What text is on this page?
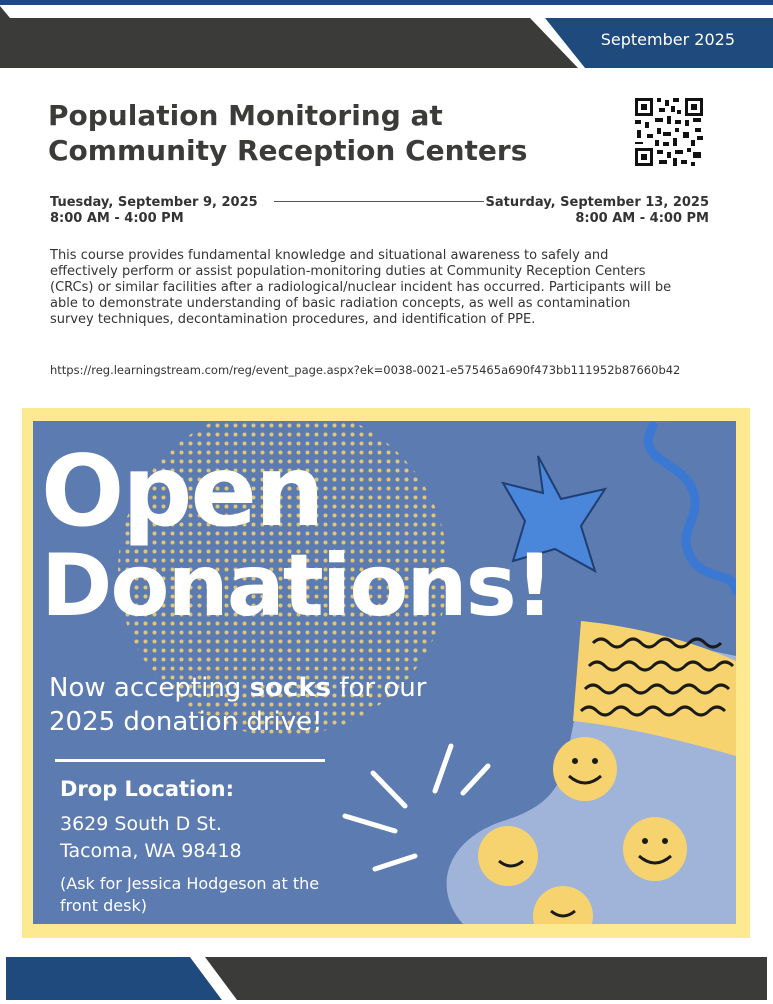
September 2025
Population Monitoring at
Community Reception Centers
Tuesday, September 9, 2025
8:00 AM - 4:00 PM
Saturday, September 13, 2025
8:00 AM - 4:00 PM

This course provides fundamental knowledge and situational awareness to safely and effectively perform or assist population-monitoring duties at Community Reception Centers (CRCs) or similar facilities after a radiological/nuclear incident has occurred. Participants will be able to demonstrate understanding of basic radiation concepts, as well as contamination survey techniques, decontamination procedures, and identification of PPE.

https://reg.learningstream.com/reg/event_page.aspx?ek=0038-0021-e575465a690f473bb111952b87660b42
Open
Donations!
Now accepting socks for our 2025 donation drive!
Drop Location:
3629 South D St.
Tacoma, WA 98418
(Ask for Jessica Hodgeson at the front desk)
